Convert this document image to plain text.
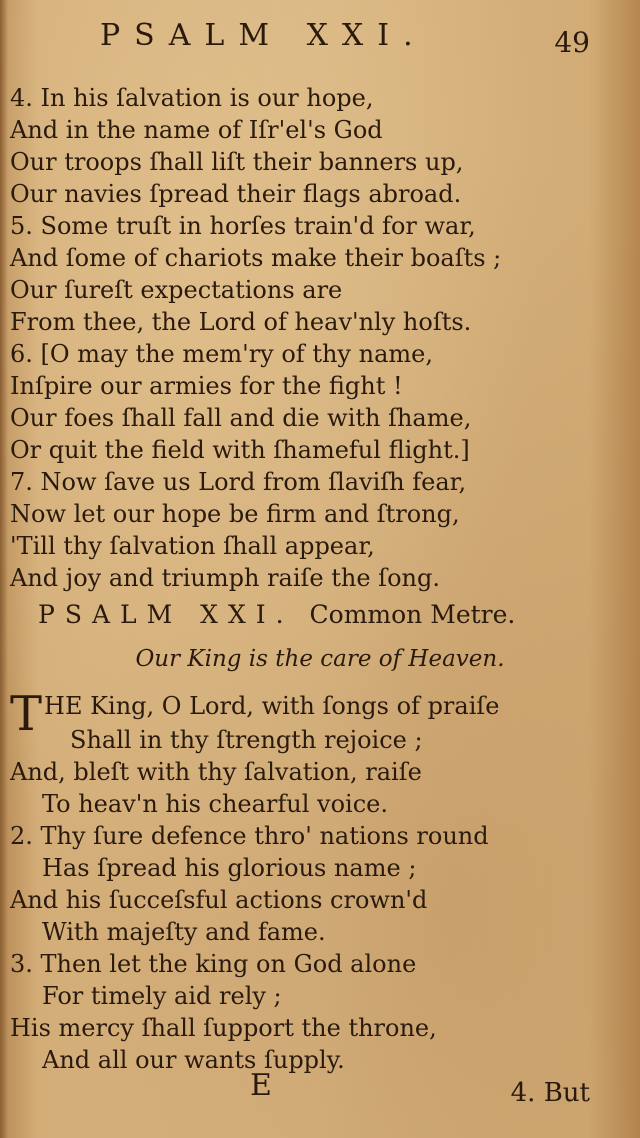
PSALM XXI.	49
4. In his ſalvation is our hope,
And in the name of Iſr'el's God
Our troops ſhall liſt their banners up,
Our navies ſpread their flags abroad.
5. Some truſt in horſes train'd for war,
And ſome of chariots make their boaſts ;
Our ſureſt expectations are
From thee, the Lord of heav'nly hoſts.
6. [O may the mem'ry of thy name,
Inſpire our armies for the fight !
Our foes ſhall fall and die with ſhame,
Or quit the field with ſhameful flight.]
7. Now ſave us Lord from ſlaviſh fear,
Now let our hope be firm and ſtrong,
'Till thy ſalvation ſhall appear,
And joy and triumph raiſe the ſong.
PSALM XXI. Common Metre.
Our King is the care of Heaven.
T HE King, O Lord, with ſongs of praiſe
Shall in thy ſtrength rejoice ;
And, bleſt with thy ſalvation, raiſe
To heav'n his chearful voice.
2. Thy ſure defence thro' nations round
Has ſpread his glorious name ;
And his ſucceſsful actions crown'd
With majeſty and fame.
3. Then let the king on God alone
For timely aid rely ;
His mercy ſhall ſupport the throne,
And all our wants ſupply.
E	4. But
